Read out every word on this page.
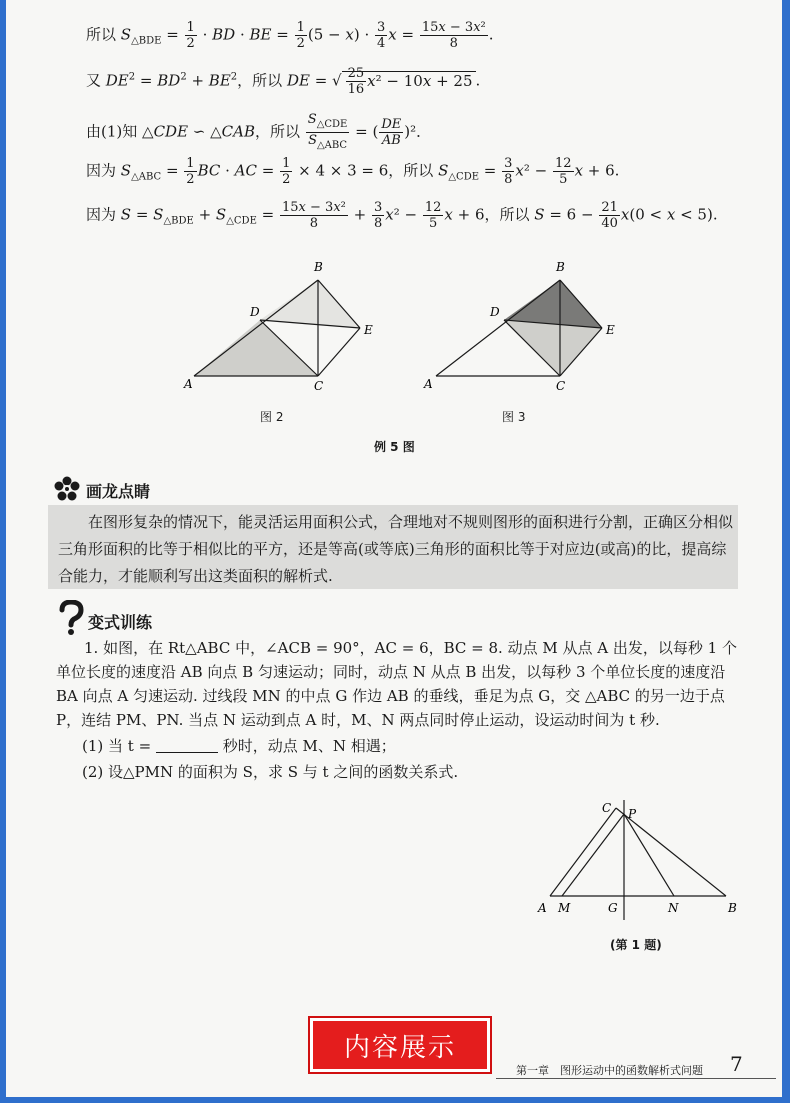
所以 $S_{\triangle BDE} = \frac{1}{2}$ · BD · BE = $\frac{1}{2} (5 - x) \cdot \frac{3}{4}$ $x = \frac{\text{15x − 3x²}}{8}$ .
又 $DE^2 = BD^2 + BE^2$，所以 DE = √ $\frac{25}{16} x^2 - 10x + 25$ .
由(1)知 △CDE ∽ △CAB，所以 $\frac{S_{\triangle CDE}}{S_{\triangle ABC}}$ = ( $\frac{DE}{AB} )^2$．
因为 $S_{\triangle ABC} = \frac{1}{2}$ BC · AC = $\frac{1}{2} \times 4 \times 3 = 6$，所以 $S_{\triangle CDE} = \frac{3}{8} x^2 - \frac{12}{5}$ x + 6.
因为 $S = S_{\triangle BDE} + S_{\triangle CDE} = \frac{\text{15x − 3x²}}{8} + \frac{3}{8} x^2 - \frac{12}{5}$ x + 6，所以 $S = 6 - \frac{21}{40} x(0 < x < 5)$.
A
B
C
D
E
图 2
A
B
C
D
E
图 3
例 5 图
画龙点睛

在图形复杂的情况下，能灵活运用面积公式，合理地对不规则图形的面积进行分割，正确区分相似三角形面积的比等于相似比的平方，还是等高(或等底)三角形的面积比等于对应边(或高)的比，提高综合能力，才能顺利写出这类面积的解析式.

变式训练
1. 如图，在 Rt△ABC 中，∠ACB = 90°，AC = 6，BC = 8. 动点 M 从点 A 出发，以每秒 1 个单位长度的速度沿 AB 向点 B 匀速运动；同时，动点 N 从点 B 出发，以每秒 3 个单位长度的速度沿 BA 向点 A 匀速运动. 过线段 MN 的中点 G 作边 AB 的垂线，垂足为点 G，交 △ABC 的另一边于点 P，连结 PM、PN. 当点 N 运动到点 A 时，M、N 两点同时停止运动，设运动时间为 t 秒.
(1) 当 t =	秒时，动点 M、N 相遇；
(2) 设△PMN 的面积为 S，求 S 与 t 之间的函数关系式.
C P
A M	G	N	B
(第 1 题)
内容展示
第一章　图形运动中的函数解析式问题 7
